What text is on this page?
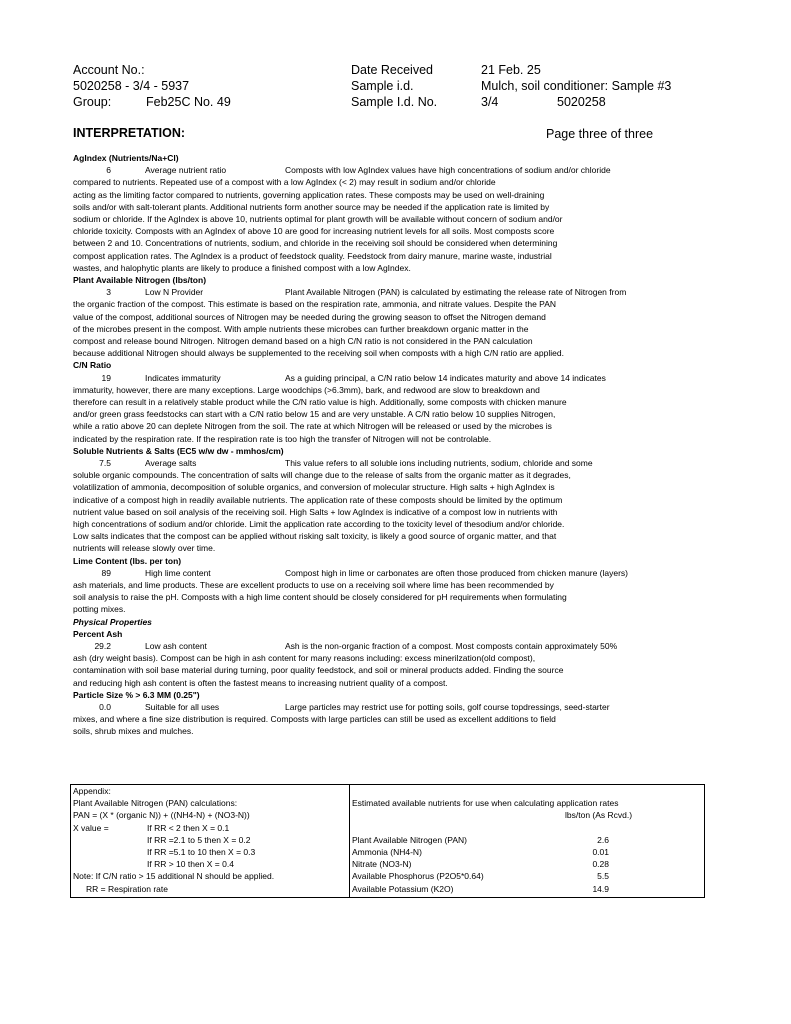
Account No.:
5020258 - 3/4 - 5937
Group:	Feb25C No. 49
Date Received	21 Feb. 25
Sample i.d.	Mulch, soil conditioner: Sample #3
Sample I.d. No.	3/4	5020258
INTERPRETATION:	Page three of three
AgIndex (Nutrients/Na+Cl)
6	Average nutrient ratio	Composts with low AgIndex values have high concentrations of sodium and/or chloride
compared to nutrients. Repeated use of a compost with a low AgIndex (< 2) may result in sodium and/or chloride
acting as the limiting factor compared to nutrients, governing application rates. These composts may be used on well-draining
soils and/or with salt-tolerant plants. Additional nutrients form another source may be needed if the application rate is limited by
sodium or chloride. If the AgIndex is above 10, nutrients optimal for plant growth will be available without concern of sodium and/or
chloride toxicity. Composts with an AgIndex of above 10 are good for increasing nutrient levels for all soils. Most composts score
between 2 and 10. Concentrations of nutrients, sodium, and chloride in the receiving soil should be considered when determining
compost application rates. The AgIndex is a product of feedstock quality. Feedstock from dairy manure, marine waste, industrial
wastes, and halophytic plants are likely to produce a finished compost with a low AgIndex.
Plant Available Nitrogen (lbs/ton)
3	Low N Provider	Plant Available Nitrogen (PAN) is calculated by estimating the release rate of Nitrogen from
the organic fraction of the compost. This estimate is based on the respiration rate, ammonia, and nitrate values. Despite the PAN
value of the compost, additional sources of Nitrogen may be needed during the growing season to offset the Nitrogen demand
of the microbes present in the compost. With ample nutrients these microbes can further breakdown organic matter in the
compost and release bound Nitrogen. Nitrogen demand based on a high C/N ratio is not considered in the PAN calculation
because additional Nitrogen should always be supplemented to the receiving soil when composts with a high C/N ratio are applied.
C/N Ratio
19	Indicates immaturity	As a guiding principal, a C/N ratio below 14 indicates maturity and above 14 indicates
immaturity, however, there are many exceptions. Large woodchips (>6.3mm), bark, and redwood are slow to breakdown and
therefore can result in a relatively stable product while the C/N ratio value is high. Additionally, some composts with chicken manure
and/or green grass feedstocks can start with a C/N ratio below 15 and are very unstable. A C/N ratio below 10 supplies Nitrogen,
while a ratio above 20 can deplete Nitrogen from the soil. The rate at which Nitrogen will be released or used by the microbes is
indicated by the respiration rate. If the respiration rate is too high the transfer of Nitrogen will not be controlable.
Soluble Nutrients & Salts (EC5 w/w dw - mmhos/cm)
7.5	Average salts	This value refers to all soluble ions including nutrients, sodium, chloride and some
soluble organic compounds. The concentration of salts will change due to the release of salts from the organic matter as it degrades,
volatilization of ammonia, decomposition of soluble organics, and conversion of molecular structure. High salts + high AgIndex is
indicative of a compost high in readily available nutrients. The application rate of these composts should be limited by the optimum
nutrient value based on soil analysis of the receiving soil. High Salts + low AgIndex is indicative of a compost low in nutrients with
high concentrations of sodium and/or chloride. Limit the application rate according to the toxicity level of thesodium and/or chloride.
Low salts indicates that the compost can be applied without risking salt toxicity, is likely a good source of organic matter, and that
nutrients will release slowly over time.
Lime Content (lbs. per ton)
89	High lime content	Compost high in lime or carbonates are often those produced from chicken manure (layers)
ash materials, and lime products. These are excellent products to use on a receiving soil where lime has been recommended by
soil analysis to raise the pH. Composts with a high lime content should be closely considered for pH requirements when formulating
potting mixes.
Physical Properties
Percent Ash
29.2	Low ash content	Ash is the non-organic fraction of a compost. Most composts contain approximately 50%
ash (dry weight basis). Compost can be high in ash content for many reasons including: excess minerilzation(old compost),
contamination with soil base material during turning, poor quality feedstock, and soil or mineral products added. Finding the source
and reducing high ash content is often the fastest means to increasing nutrient quality of a compost.
Particle Size % > 6.3 MM (0.25")
0.0	Suitable for all uses	Large particles may restrict use for potting soils, golf course topdressings, seed-starter
mixes, and where a fine size distribution is required. Composts with large particles can still be used as excellent additions to field
soils, shrub mixes and mulches.
Appendix:
Plant Available Nitrogen (PAN) calculations:
PAN = (X * (organic N)) + ((NH4-N) + (NO3-N))
X value =	If RR < 2 then X = 0.1
If RR =2.1 to 5 then X = 0.2
If RR =5.1 to 10 then X = 0.3
If RR > 10 then X = 0.4
Note: If C/N ratio > 15 additional N should be applied.
RR = Respiration rate
Estimated available nutrients for use when calculating application rates
lbs/ton (As Rcvd.)
Plant Available Nitrogen (PAN)	2.6
Ammonia (NH4-N)	0.01
Nitrate (NO3-N)	0.28
Available Phosphorus (P2O5*0.64)	5.5
Available Potassium (K2O)	14.9
